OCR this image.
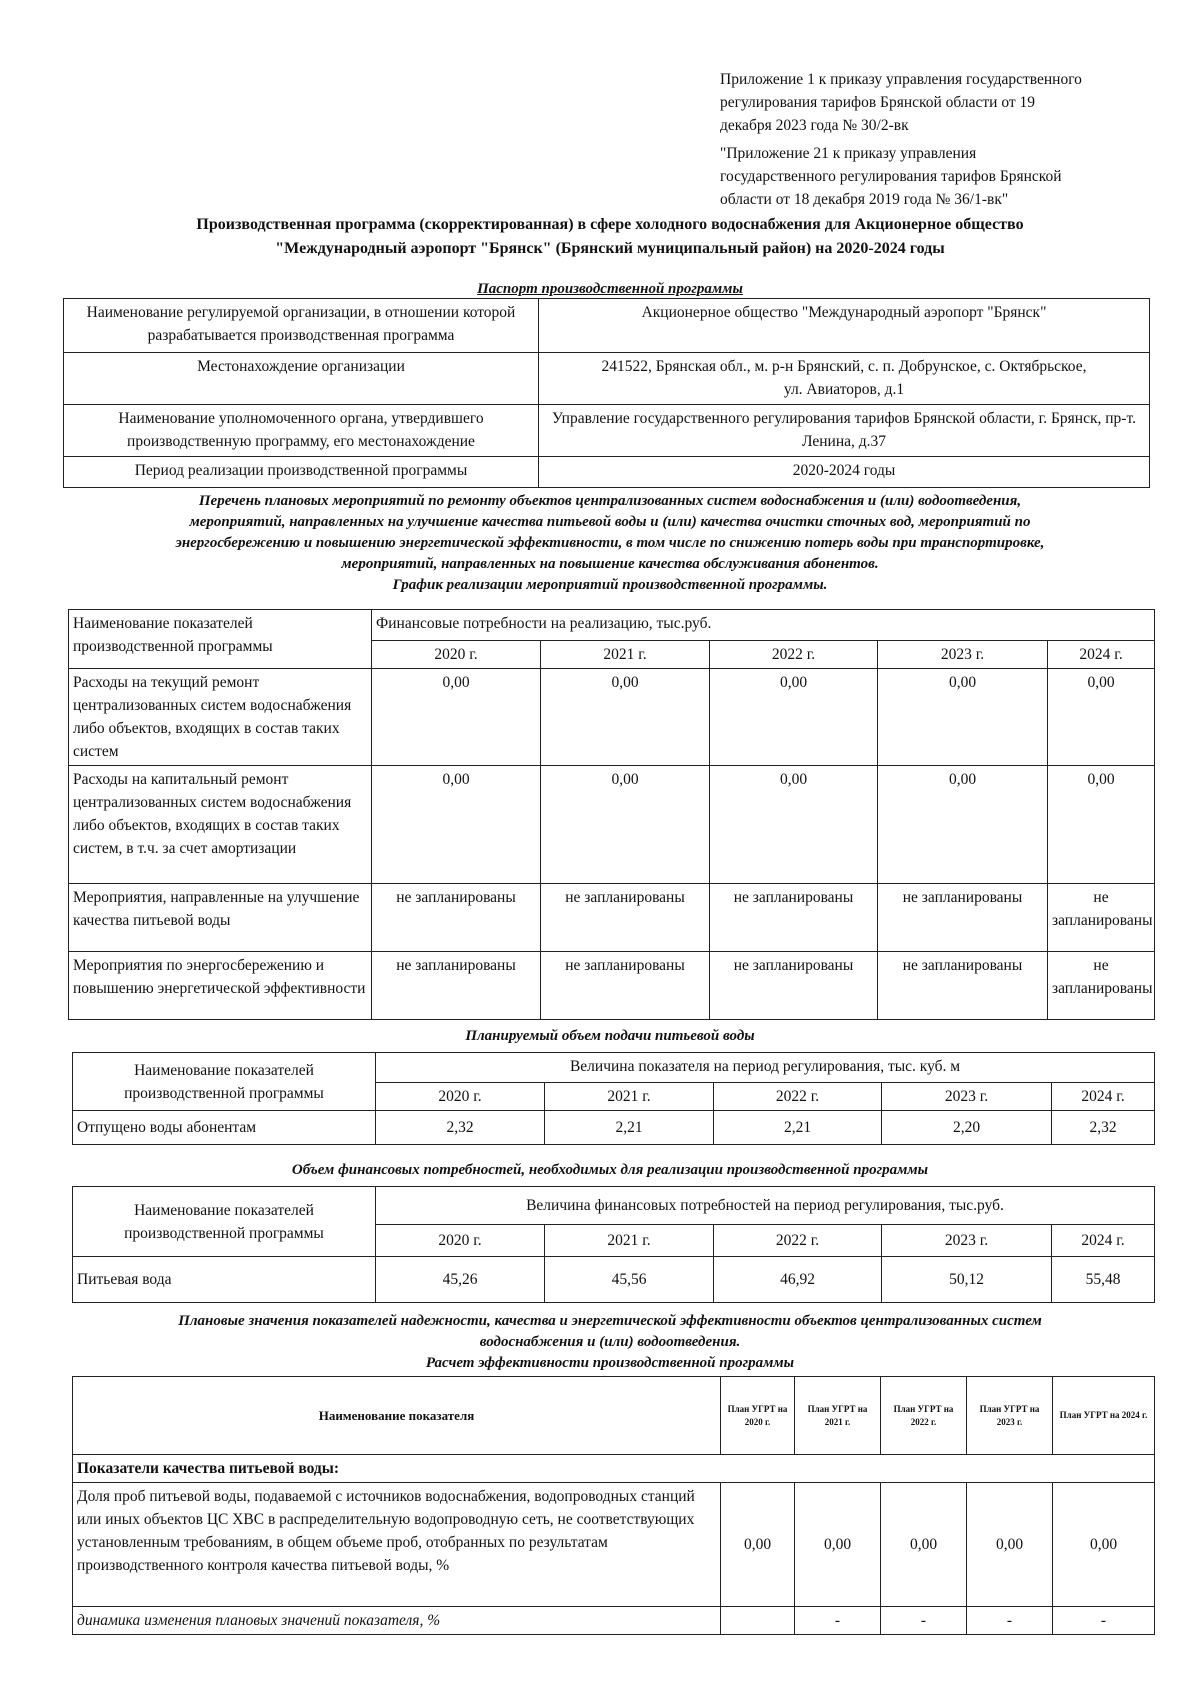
Приложение 1 к приказу управления государственного
регулирования тарифов Брянской области от 19
декабря 2023 года № 30/2-вк
"Приложение 21 к приказу управления
государственного регулирования тарифов Брянской
области от 18 декабря 2019 года № 36/1-вк"
Производственная программа (скорректированная) в сфере холодного водоснабжения для Акционерное общество
"Международный аэропорт "Брянск" (Брянский муниципальный район) на 2020-2024 годы
Паспорт производственной программы
Наименование регулируемой организации, в отношении которой разрабатывается производственная программа	Акционерное общество "Международный аэропорт "Брянск"
Местонахождение организации	241522, Брянская обл., м. р-н Брянский, с. п. Добрунское, с. Октябрьское, ул. Авиаторов, д.1
Наименование уполномоченного органа, утвердившего производственную программу, его местонахождение	Управление государственного регулирования тарифов Брянской области, г. Брянск, пр-т. Ленина, д.37
Период реализации производственной программы	2020-2024 годы
Перечень плановых мероприятий по ремонту объектов централизованных систем водоснабжения и (или) водоотведения,
мероприятий, направленных на улучшение качества питьевой воды и (или) качества очистки сточных вод, мероприятий по
энергосбережению и повышению энергетической эффективности, в том числе по снижению потерь воды при транспортировке,
мероприятий, направленных на повышение качества обслуживания абонентов.
График реализации мероприятий производственной программы.
Наименование показателей производственной программы	Финансовые потребности на реализацию, тыс.руб.				
	2020 г.	2021 г.	2022 г.	2023 г.	2024 г.
Расходы на текущий ремонт централизованных систем водоснабжения либо объектов, входящих в состав таких систем	0,00	0,00	0,00	0,00	0,00
Расходы на капитальный ремонт централизованных систем водоснабжения либо объектов, входящих в состав таких систем, в т.ч. за счет амортизации	0,00	0,00	0,00	0,00	0,00
Мероприятия, направленные на улучшение качества питьевой воды	не запланированы	не запланированы	не запланированы	не запланированы	не запланированы
Мероприятия по энергосбережению и повышению энергетической эффективности	не запланированы	не запланированы	не запланированы	не запланированы	не запланированы
Планируемый объем подачи питьевой воды
Наименование показателей производственной программы	Величина показателя на период регулирования, тыс. куб. м				
	2020 г.	2021 г.	2022 г.	2023 г.	2024 г.
Отпущено воды абонентам	2,32	2,21	2,21	2,20	2,32
Объем финансовых потребностей, необходимых для реализации производственной программы
Наименование показателей производственной программы	Величина финансовых потребностей на период регулирования, тыс.руб.				
	2020 г.	2021 г.	2022 г.	2023 г.	2024 г.
Питьевая вода	45,26	45,56	46,92	50,12	55,48
Плановые значения показателей надежности, качества и энергетической эффективности объектов централизованных систем
водоснабжения и (или) водоотведения.
Расчет эффективности производственной программы
Наименование показателя	План УГРТ на 2020 г.	План УГРТ на 2021 г.	План УГРТ на 2022 г.	План УГРТ на 2023 г.	План УГРТ на 2024 г.
Показатели качества питьевой воды:					
Доля проб питьевой воды, подаваемой с источников водоснабжения, водопроводных станций или иных объектов ЦС ХВС в распределительную водопроводную сеть, не соответствующих установленным требованиям, в общем объеме проб, отобранных по результатам производственного контроля качества питьевой воды, %	0,00	0,00	0,00	0,00	0,00
динамика изменения плановых значений показателя, %		-	-	-	-
